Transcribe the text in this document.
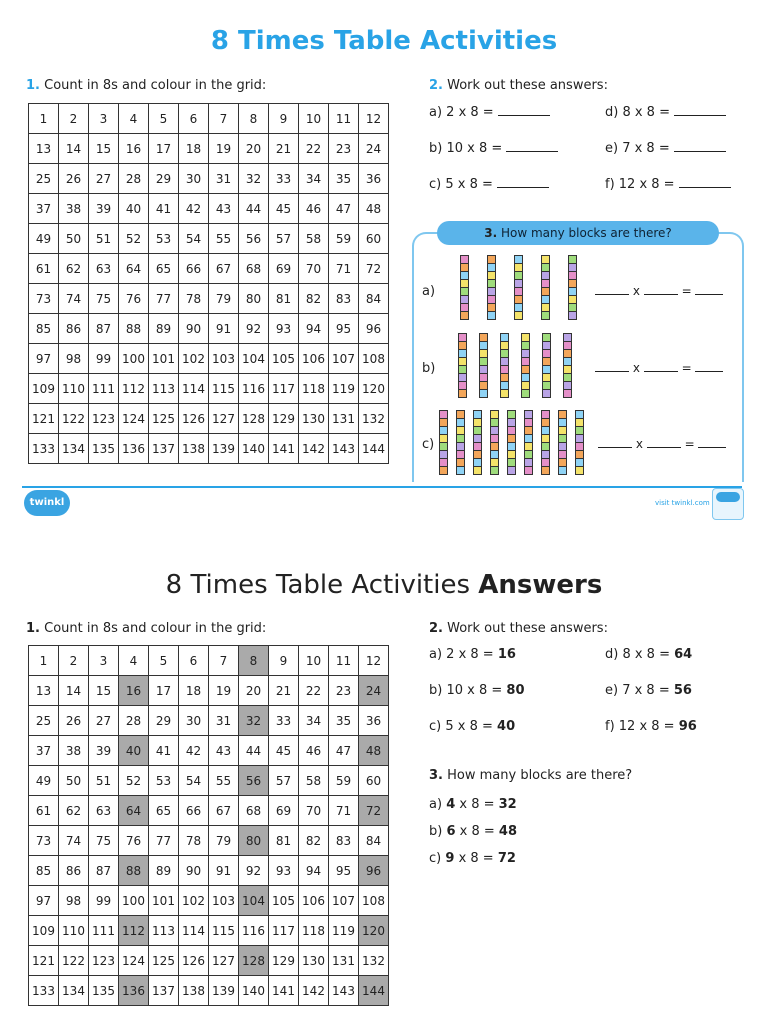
8 Times Table Activities
1. Count in 8s and colour in the grid:
1	2	3	4	5	6	7	8	9	10	11	12
13	14	15	16	17	18	19	20	21	22	23	24
25	26	27	28	29	30	31	32	33	34	35	36
37	38	39	40	41	42	43	44	45	46	47	48
49	50	51	52	53	54	55	56	57	58	59	60
61	62	63	64	65	66	67	68	69	70	71	72
73	74	75	76	77	78	79	80	81	82	83	84
85	86	87	88	89	90	91	92	93	94	95	96
97	98	99	100	101	102	103	104	105	106	107	108
109	110	111	112	113	114	115	116	117	118	119	120
121	122	123	124	125	126	127	128	129	130	131	132
133	134	135	136	137	138	139	140	141	142	143	144
2. Work out these answers:
a) 2 x 8 =
b) 10 x 8 =
c) 5 x 8 =
d) 8 x 8 =
e) 7 x 8 =
f) 12 x 8 =
3. How many blocks are there?
a)	x	=
b)	x	=
c)	x	=
twinkl	visit twinkl.com
8 Times Table Activities Answers
1. Count in 8s and colour in the grid:
1	2	3	4	5	6	7	8	9	10	11	12
13	14	15	16	17	18	19	20	21	22	23	24
25	26	27	28	29	30	31	32	33	34	35	36
37	38	39	40	41	42	43	44	45	46	47	48
49	50	51	52	53	54	55	56	57	58	59	60
61	62	63	64	65	66	67	68	69	70	71	72
73	74	75	76	77	78	79	80	81	82	83	84
85	86	87	88	89	90	91	92	93	94	95	96
97	98	99	100	101	102	103	104	105	106	107	108
109	110	111	112	113	114	115	116	117	118	119	120
121	122	123	124	125	126	127	128	129	130	131	132
133	134	135	136	137	138	139	140	141	142	143	144
2. Work out these answers:
a) 2 x 8 = 16
b) 10 x 8 = 80
c) 5 x 8 = 40
d) 8 x 8 = 64
e) 7 x 8 = 56
f) 12 x 8 = 96
3. How many blocks are there?
a) 4 x 8 = 32
b) 6 x 8 = 48
c) 9 x 8 = 72
